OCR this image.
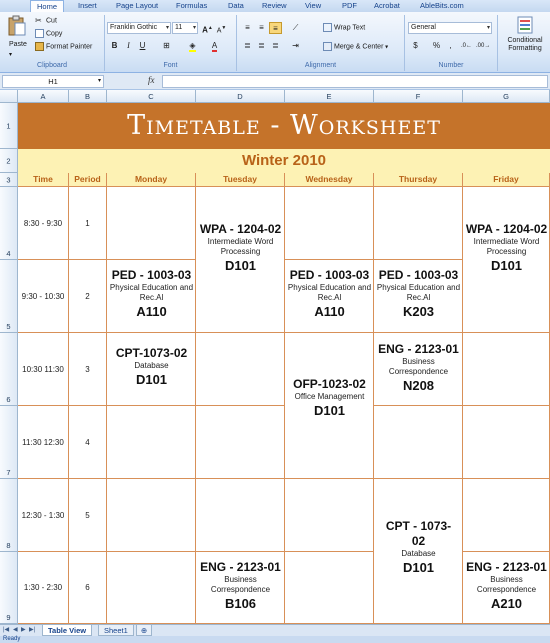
Home	Insert	Page Layout Formulas	Data Review View	PDF Acrobat	AbleBits.com
Paste
▾
✂ Cut
Copy
Format Painter
Clipboard
Franklin Gothic ▾ 11 ▾ A▲ A▼
B	I	U	⊞	◈	A
Font
≡	≡	≡	⟋
≣ ≣ ≣	⇥
Wrap Text
Merge & Center ▾
Alignment
General	▾
$	%	,	.0← .00→
Number
Conditional Formatting
H1	▾	fx
A	B	C	D	E	F	G
1
2
3
4
5
6
7
8
9
Timetable - Worksheet
Winter 2010
Time	Period	Monday	Tuesday	Wednesday	Thursday	Friday
8:30 - 9:30	1
9:30 - 10:30	2
10:30 11:30	3
11:30 12:30	4
12:30 - 1:30	5
1:30 - 2:30	6
WPA - 1204-02
Intermediate Word Processing
D101
PED - 1003-03
Physical Education and Rec.Al
A110
WPA - 1204-02
Intermediate Word Processing
D101
PED - 1003-03
Physical Education and Rec.Al
A110
PED - 1003-03
Physical Education and Rec.Al
K203
CPT-1073-02
Database
D101
ENG - 2123-01
Business Correspondence
N208
OFP-1023-02
Office Management
D101
CPT - 1073-02
Database
D101
ENG - 2123-01
Business Correspondence
B106
ENG - 2123-01
Business Correspondence
A210
|◀ ◀ ▶ ▶|	Table View	Sheet1	⊕
Ready
